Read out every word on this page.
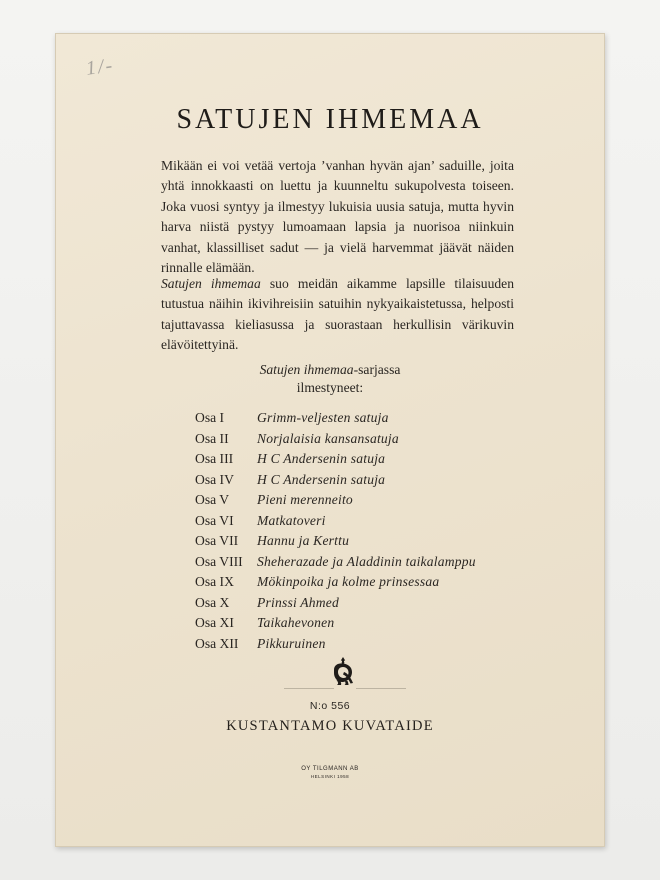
1/-
SATUJEN IHMEMAA

Mikään ei voi vetää vertoja ’vanhan hyvän ajan’ saduille, joita yhtä innokkaasti on luettu ja kuunneltu sukupolvesta toiseen. Joka vuosi syntyy ja ilmestyy lukuisia uusia satuja, mutta hyvin harva niistä pystyy lumoamaan lapsia ja nuorisoa niinkuin vanhat, klassilliset sadut — ja vielä harvemmat jäävät näiden rinnalle elämään.

Satujen ihmemaa suo meidän aikamme lapsille tilaisuuden tutustua näihin ikivihreisiin satuihin nykyaikaistetussa, helposti tajuttavassa kieliasussa ja suorastaan herkullisin värikuvin elävöitettyinä.

Satujen ihmemaa-sarjassa
ilmestyneet:
Osa I Grimm-veljesten satuja
Osa II Norjalaisia kansansatuja
Osa III H C Andersenin satuja
Osa IV H C Andersenin satuja
Osa V Pieni merenneito
Osa VI Matkatoveri
Osa VII Hannu ja Kerttu
Osa VIII Sheherazade ja Aladdinin taikalamppu
Osa IX Mökinpoika ja kolme prinsessaa
Osa X Prinssi Ahmed
Osa XI Taikahevonen
Osa XII Pikkuruinen
N:o 556
KUSTANTAMO KUVATAIDE
OY TILGMANN AB
HELSINKI 1958
